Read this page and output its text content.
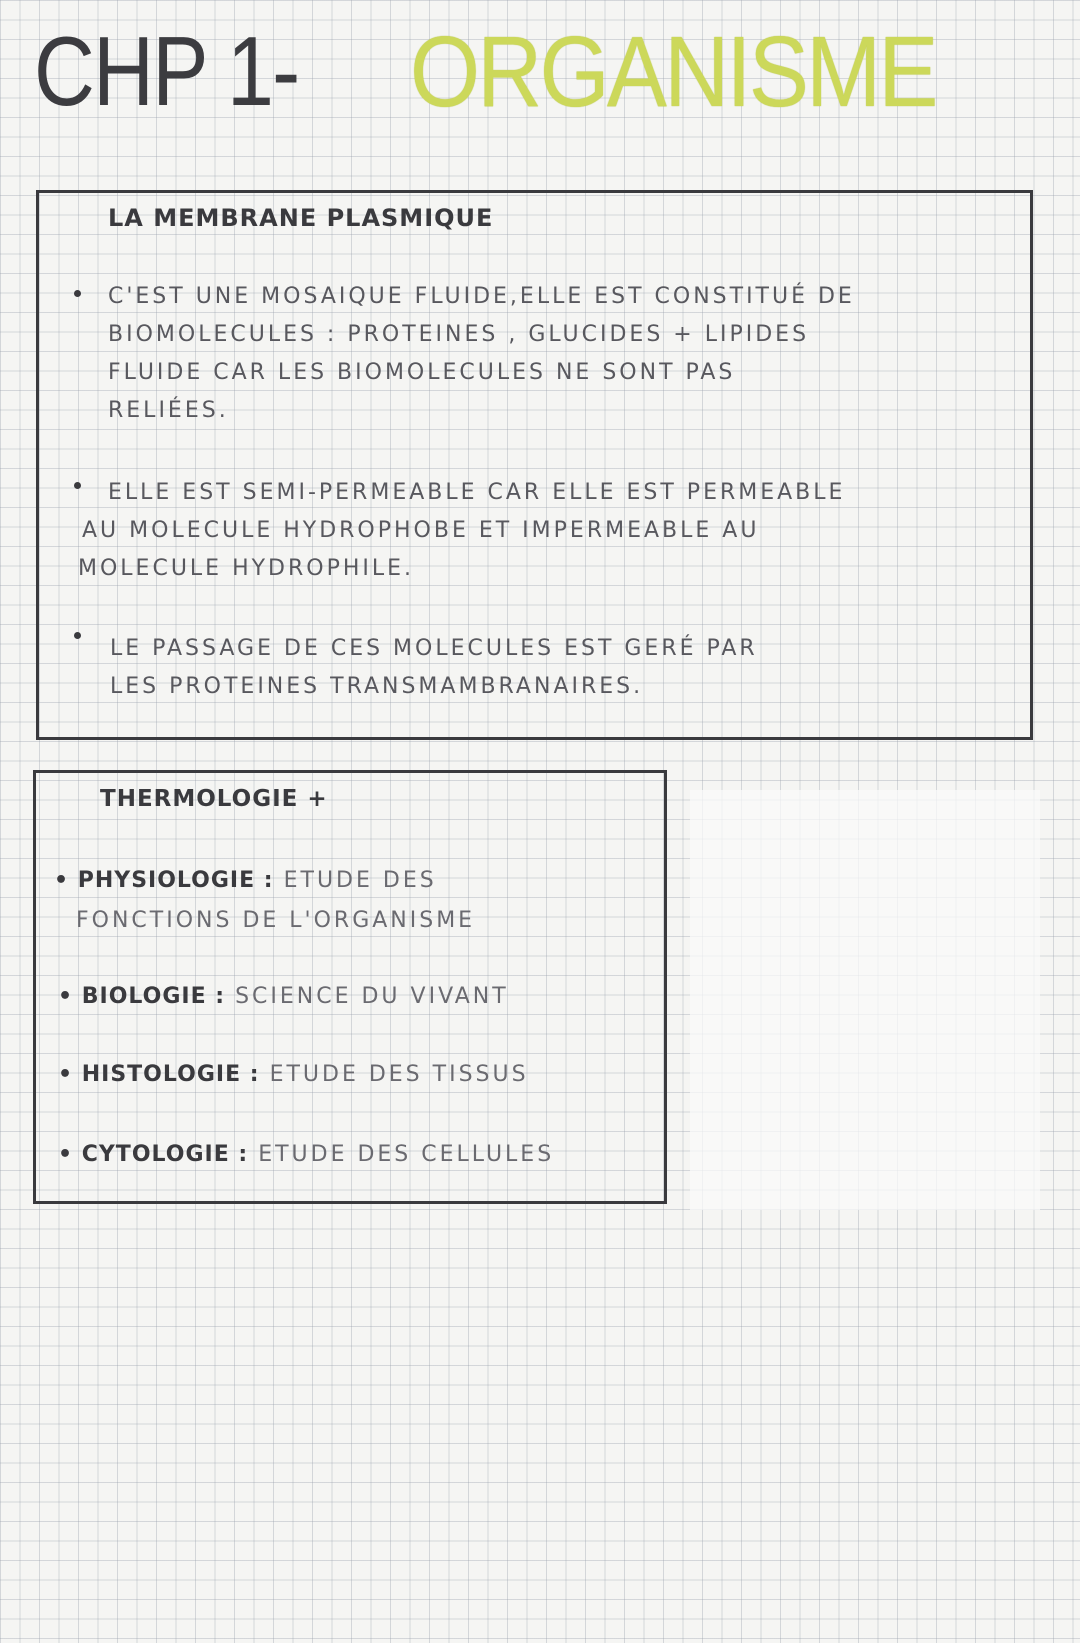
CHP 1- ORGANISME
LA MEMBRANE PLASMIQUE
C'EST UNE MOSAIQUE FLUIDE,ELLE EST CONSTITUÉ DE
BIOMOLECULES : PROTEINES , GLUCIDES + LIPIDES
FLUIDE CAR LES BIOMOLECULES NE SONT PAS
RELIÉES.
ELLE EST SEMI-PERMEABLE CAR ELLE EST PERMEABLE
AU MOLECULE HYDROPHOBE ET IMPERMEABLE AU
MOLECULE HYDROPHILE.
LE PASSAGE DE CES MOLECULES EST GERÉ PAR
LES PROTEINES TRANSMAMBRANAIRES.
THERMOLOGIE +
• PHYSIOLOGIE : ETUDE DES
FONCTIONS DE L'ORGANISME
• BIOLOGIE : SCIENCE DU VIVANT
• HISTOLOGIE : ETUDE DES TISSUS
• CYTOLOGIE : ETUDE DES CELLULES
